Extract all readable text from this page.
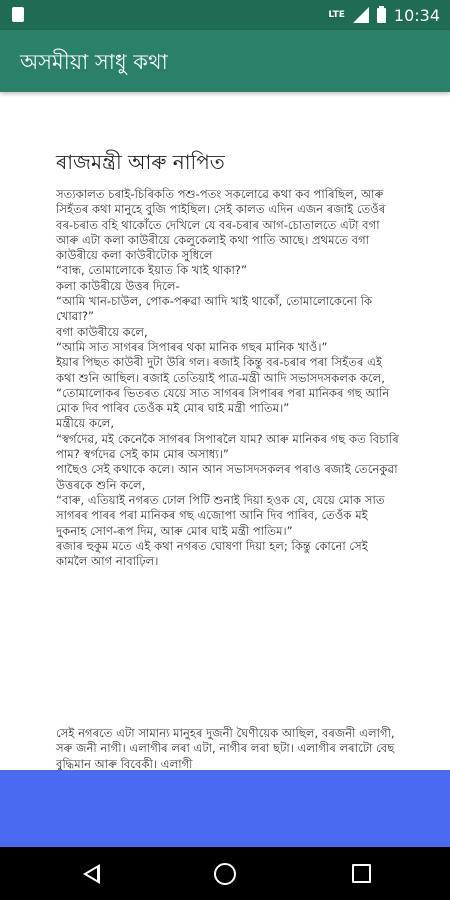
LTE	10:34
অসমীয়া সাধু কথা
ৰাজমন্ত্ৰী আৰু নাপিত

সত্যকালত চৰাই-চিৰিকতি পশু-পতং সকলোৱে কথা কব পাৰিছিল, আৰু সিহঁতৰ কথা মানুহে বুজি পাইছিল। সেই কালত এদিন এজন ৰজাই তেওঁৰ বৰ-চৰাত বহি থাকোঁতে দেখিলে যে বৰ-চৰাৰ আগ-চোতালতে এটা বগা আৰু এটা কলা কাউৰীয়ে কেলুকেলাই কথা পাতি আছে। প্ৰথমতে বগা কাউৰীয়ে কলা কাউৰীটোক সুধিলে

“বান্ধ, তোমালোকে ইয়াত কি খাই থাকা?”

কলা কাউৰীয়ে উত্তৰ দিলে-

“আমি খান-চাউল, পোক-পৰুৱা আদি খাই থাকোঁ, তোমালোকেনো কি খোৱা?”

বগা কাউৰীয়ে কলে,

“আমি সাত সাগৰৰ সিপাৰৰ থকা মানিক গছৰ মানিক খাওঁ।”

ইয়াৰ পিছত কাউৰী দুটা উৰি গল। ৰজাই কিন্তু বৰ-চৰাৰ পৰা সিহঁতৰ এই কথা শুনি আছিল। ৰজাই তেতিয়াই পাত্ৰ-মন্ত্ৰী আদি সভাসদসকলক কলে,

“তোমালোকৰ ভিতৰত যেয়ে সাত সাগৰৰ সিপাৰৰ পৰা মানিকৰ গছ আনি মোক দিব পাৰিব তেওঁক মই মোৰ ঘাই মন্ত্ৰী পাতিম।”

মন্ত্ৰীয়ে কলে,

“স্বৰ্গদেৱ, মই কেনেকৈ সাগৰৰ সিপাৰলৈ যাম? আৰু মানিকৰ গছ কত বিচাৰি পাম? স্বৰ্গদেৱ সেই কাম মোৰ অসাধ্য।”

পাছৈও সেই কথাকে কলে। আন আন সভাসদসকলৰ পৰাও ৰজাই তেনেকুৱা উত্তৰকে শুনি কলে,

“বাৰু, এতিয়াই নগৰত ঢোল পিটি শুনাই দিয়া হওক যে, যেয়ে মোক সাত সাগৰৰ পাৰৰ পৰা মানিকৰ গছ এজোপা আনি দিব পাৰিব, তেওঁক মই দুকনাহ সোণ-ৰূপ দিম, আৰু মোৰ ঘাই মন্ত্ৰী পাতিম।”

ৰজাৰ হুকুম মতে এই কথা নগৰত ঘোষণা দিয়া হল; কিন্তু কোনো সেই কামলৈ আগ নাবাঢ়িল।

সেই নগৰতে এটা সামান্য মানুহৰ দুজনী ঘৈণীয়েক আছিল, বৰজনী এলাগী, সৰু জনী নাগী। এলাগীৰ লৰা এটা, নাগীৰ লৰা ছটা। এলাগীৰ লৰাটো বেছ বুদ্ধিমান আৰু বিবেকী। এলাগী
